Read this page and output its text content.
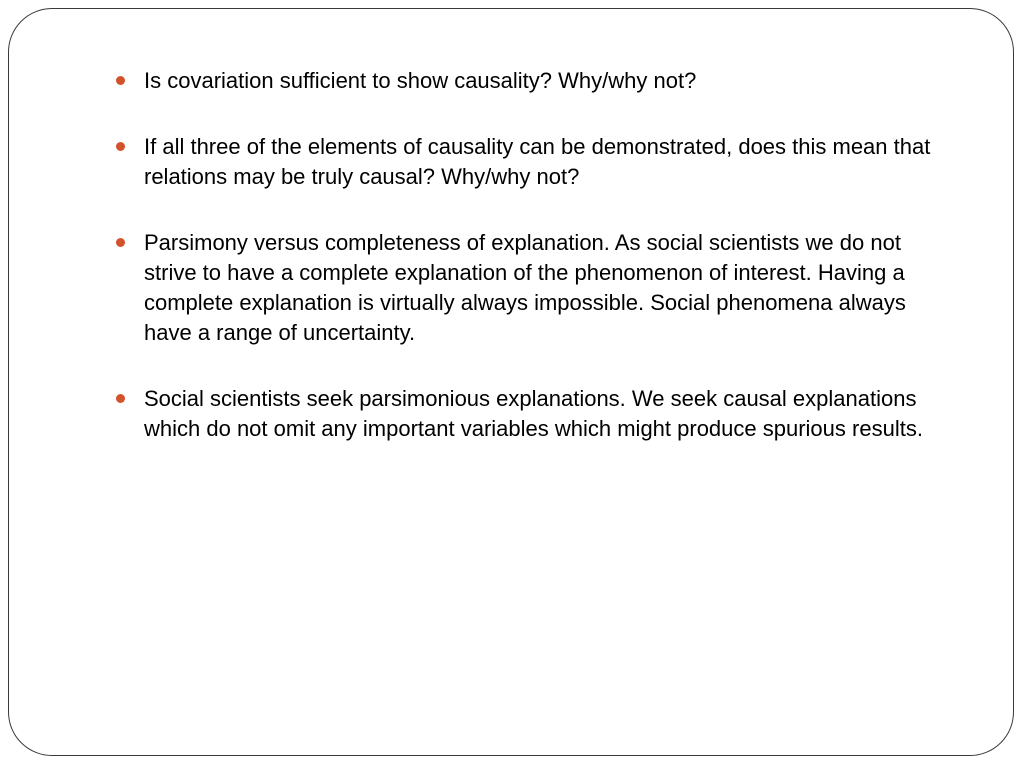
Is covariation sufficient to show causality? Why/why not?
If all three of the elements of causality can be demonstrated, does this mean that relations may be truly causal? Why/why not?
Parsimony versus completeness of explanation. As social scientists we do not strive to have a complete explanation of the phenomenon of interest. Having a complete explanation is virtually always impossible. Social phenomena always have a range of uncertainty.
Social scientists seek parsimonious explanations. We seek causal explanations which do not omit any important variables which might produce spurious results.
